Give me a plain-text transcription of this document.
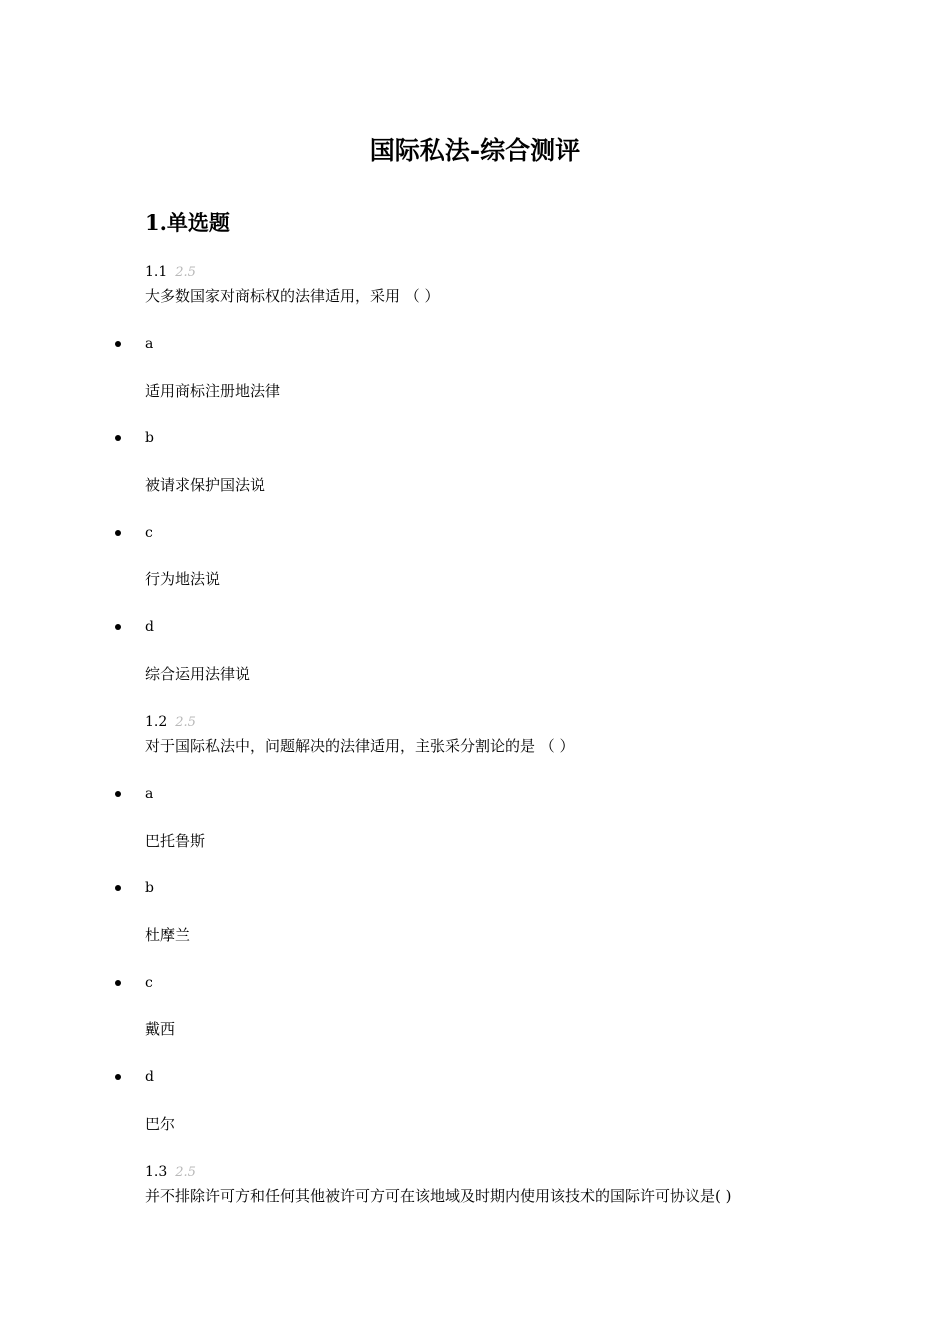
国际私法-综合测评
1.单选题
1.1 2.5
大多数国家对商标权的法律适用，采用 （ ）
a
适用商标注册地法律
b
被请求保护国法说
c
行为地法说
d
综合运用法律说
1.2 2.5
对于国际私法中，问题解决的法律适用，主张采分割论的是 （ ）
a
巴托鲁斯
b
杜摩兰
c
戴西
d
巴尔
1.3 2.5
并不排除许可方和任何其他被许可方可在该地域及时期内使用该技术的国际许可协议是( )
